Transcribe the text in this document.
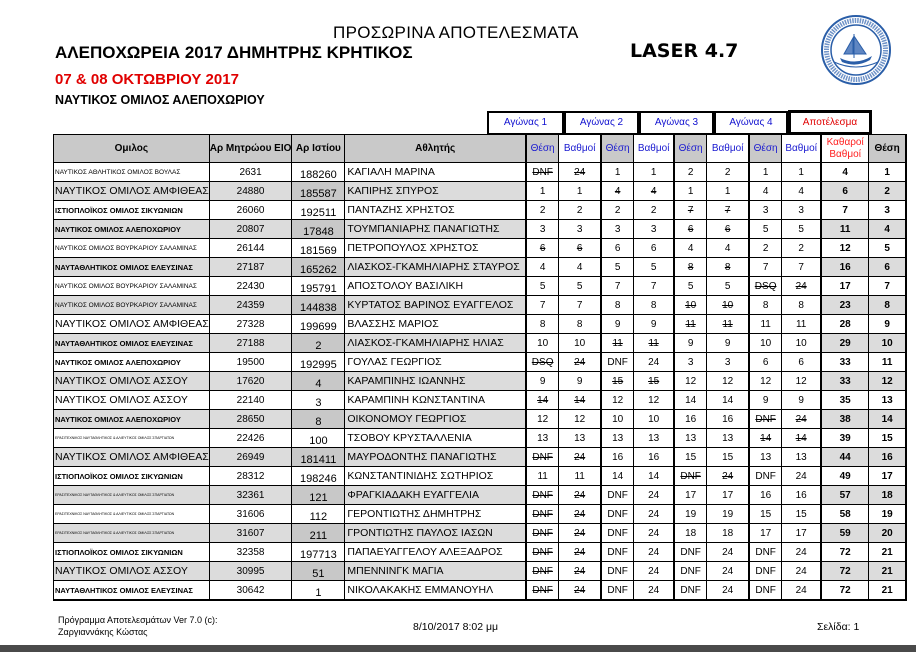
ΠΡΟΣΩΡΙΝΑ ΑΠΟΤΕΛΕΣΜΑΤΑ
ΑΛΕΠΟΧΩΡΕΙΑ 2017 ΔΗΜΗΤΡΗΣ ΚΡΗΤΙΚΟΣ	LASER 4.7
07 & 08 ΟΚΤΩΒΡΙΟΥ 2017
ΝΑΥΤΙΚΟΣ ΟΜΙΛΟΣ ΑΛΕΠΟΧΩΡΙΟΥ
Αγώνας 1		Αγώνας 2		Αγώνας 3		Αγώνας 4		Αποτέλεσμα
Ομιλος	Αρ Μητρώου ΕΙΟ	Αρ Ιστίου	Αθλητής	Θέση	Βαθμοί	Θέση	Βαθμοί	Θέση	Βαθμοί	Θέση	Βαθμοί	Καθαροί Βαθμοί	Θέση
ΝΑΥΤΙΚΟΣ ΑΘΛΗΤΙΚΟΣ ΟΜΙΛΟΣ ΒΟΥΛΑΣ	2631	188260	ΚΑΓΙΑΛΗ ΜΑΡΙΝΑ	DNF	24	1	1	2	2	1	1	4	1
ΝΑΥΤΙΚΟΣ ΟΜΙΛΟΣ ΑΜΦΙΘΕΑΣ	24880	185587	ΚΑΠΙΡΗΣ ΣΠΥΡΟΣ	1	1	4	4	1	1	4	4	6	2
ΙΣΤΙΟΠΛΟΪΚΟΣ ΟΜΙΛΟΣ ΣΙΚΥΩΝΙΩΝ	26060	192511	ΠΑΝΤΑΖΗΣ ΧΡΗΣΤΟΣ	2	2	2	2	7	7	3	3	7	3
ΝΑΥΤΙΚΟΣ ΟΜΙΛΟΣ ΑΛΕΠΟΧΩΡΙΟΥ	20807	17848	ΤΟΥΜΠΑΝΙΑΡΗΣ ΠΑΝΑΓΙΩΤΗΣ	3	3	3	3	6	6	5	5	11	4
ΝΑΥΤΙΚΟΣ ΟΜΙΛΟΣ ΒΟΥΡΚΑΡΙΟΥ ΣΑΛΑΜΙΝΑΣ	26144	181569	ΠΕΤΡΟΠΟΥΛΟΣ ΧΡΗΣΤΟΣ	6	6	6	6	4	4	2	2	12	5
ΝΑΥΤΑΘΛΗΤΙΚΟΣ ΟΜΙΛΟΣ ΕΛΕΥΣΙΝΑΣ	27187	165262	ΛΙΑΣΚΟΣ-ΓΚΑΜΗΛΙΑΡΗΣ ΣΤΑΥΡΟΣ	4	4	5	5	8	8	7	7	16	6
ΝΑΥΤΙΚΟΣ ΟΜΙΛΟΣ ΒΟΥΡΚΑΡΙΟΥ ΣΑΛΑΜΙΝΑΣ	22430	195791	ΑΠΟΣΤΟΛΟΥ ΒΑΣΙΛΙΚΗ	5	5	7	7	5	5	DSQ	24	17	7
ΝΑΥΤΙΚΟΣ ΟΜΙΛΟΣ ΒΟΥΡΚΑΡΙΟΥ ΣΑΛΑΜΙΝΑΣ	24359	144838	ΚΥΡΤΑΤΟΣ ΒΑΡΙΝΟΣ ΕΥΑΓΓΕΛΟΣ	7	7	8	8	10	10	8	8	23	8
ΝΑΥΤΙΚΟΣ ΟΜΙΛΟΣ ΑΜΦΙΘΕΑΣ	27328	199699	ΒΛΑΣΣΗΣ ΜΑΡΙΟΣ	8	8	9	9	11	11	11	11	28	9
ΝΑΥΤΑΘΛΗΤΙΚΟΣ ΟΜΙΛΟΣ ΕΛΕΥΣΙΝΑΣ	27188	2	ΛΙΑΣΚΟΣ-ΓΚΑΜΗΛΙΑΡΗΣ ΗΛΙΑΣ	10	10	11	11	9	9	10	10	29	10
ΝΑΥΤΙΚΟΣ ΟΜΙΛΟΣ ΑΛΕΠΟΧΩΡΙΟΥ	19500	192995	ΓΟΥΛΑΣ ΓΕΩΡΓΙΟΣ	DSQ	24	DNF	24	3	3	6	6	33	11
ΝΑΥΤΙΚΟΣ ΟΜΙΛΟΣ ΑΣΣΟΥ	17620	4	ΚΑΡΑΜΠΙΝΗΣ ΙΩΑΝΝΗΣ	9	9	15	15	12	12	12	12	33	12
ΝΑΥΤΙΚΟΣ ΟΜΙΛΟΣ ΑΣΣΟΥ	22140	3	ΚΑΡΑΜΠΙΝΗ ΚΩΝΣΤΑΝΤΙΝΑ	14	14	12	12	14	14	9	9	35	13
ΝΑΥΤΙΚΟΣ ΟΜΙΛΟΣ ΑΛΕΠΟΧΩΡΙΟΥ	28650	8	ΟΙΚΟΝΟΜΟΥ ΓΕΩΡΓΙΟΣ	12	12	10	10	16	16	DNF	24	38	14
ΕΡΑΣΙΤΕΧΝΙΚΟΣ ΝΑΥΤΑΘΛΗΤΙΚΟΣ & ΑΛΙΕΥΤΙΚΟΣ ΟΜΙΛΟΣ ΣΠΑΡΤΙΑΤΩΝ	22426	100	ΤΣΟΒΟΥ ΚΡΥΣΤΑΛΛΕΝΙΑ	13	13	13	13	13	13	14	14	39	15
ΝΑΥΤΙΚΟΣ ΟΜΙΛΟΣ ΑΜΦΙΘΕΑΣ	26949	181411	ΜΑΥΡΟΔΟΝΤΗΣ ΠΑΝΑΓΙΩΤΗΣ	DNF	24	16	16	15	15	13	13	44	16
ΙΣΤΙΟΠΛΟΪΚΟΣ ΟΜΙΛΟΣ ΣΙΚΥΩΝΙΩΝ	28312	198246	ΚΩΝΣΤΑΝΤΙΝΙΔΗΣ ΣΩΤΗΡΙΟΣ	11	11	14	14	DNF	24	DNF	24	49	17
ΕΡΑΣΙΤΕΧΝΙΚΟΣ ΝΑΥΤΑΘΛΗΤΙΚΟΣ & ΑΛΙΕΥΤΙΚΟΣ ΟΜΙΛΟΣ ΣΠΑΡΤΙΑΤΩΝ	32361	121	ΦΡΑΓΚΙΑΔΑΚΗ ΕΥΑΓΓΕΛΙΑ	DNF	24	DNF	24	17	17	16	16	57	18
ΕΡΑΣΙΤΕΧΝΙΚΟΣ ΝΑΥΤΑΘΛΗΤΙΚΟΣ & ΑΛΙΕΥΤΙΚΟΣ ΟΜΙΛΟΣ ΣΠΑΡΤΙΑΤΩΝ	31606	112	ΓΕΡΟΝΤΙΩΤΗΣ ΔΗΜΗΤΡΗΣ	DNF	24	DNF	24	19	19	15	15	58	19
ΕΡΑΣΙΤΕΧΝΙΚΟΣ ΝΑΥΤΑΘΛΗΤΙΚΟΣ & ΑΛΙΕΥΤΙΚΟΣ ΟΜΙΛΟΣ ΣΠΑΡΤΙΑΤΩΝ	31607	211	ΓΡΟΝΤΙΩΤΗΣ ΠΑΥΛΟΣ ΙΑΣΩΝ	DNF	24	DNF	24	18	18	17	17	59	20
ΙΣΤΙΟΠΛΟΪΚΟΣ ΟΜΙΛΟΣ ΣΙΚΥΩΝΙΩΝ	32358	197713	ΠΑΠΑΕΥΑΓΓΕΛΟΥ ΑΛΕΞΑΔΡΟΣ	DNF	24	DNF	24	DNF	24	DNF	24	72	21
ΝΑΥΤΙΚΟΣ ΟΜΙΛΟΣ ΑΣΣΟΥ	30995	51	ΜΠΕΝΝΙΝΓΚ ΜΑΓΙΑ	DNF	24	DNF	24	DNF	24	DNF	24	72	21
ΝΑΥΤΑΘΛΗΤΙΚΟΣ ΟΜΙΛΟΣ ΕΛΕΥΣΙΝΑΣ	30642	1	ΝΙΚΟΛΑΚΑΚΗΣ ΕΜΜΑΝΟΥΗΛ	DNF	24	DNF	24	DNF	24	DNF	24	72	21
Πρόγραμμα Αποτελεσμάτων Ver 7.0 (c):
Ζαργιαννάκης Κώστας	8/10/2017 8:02 μμ	Σελίδα: 1
